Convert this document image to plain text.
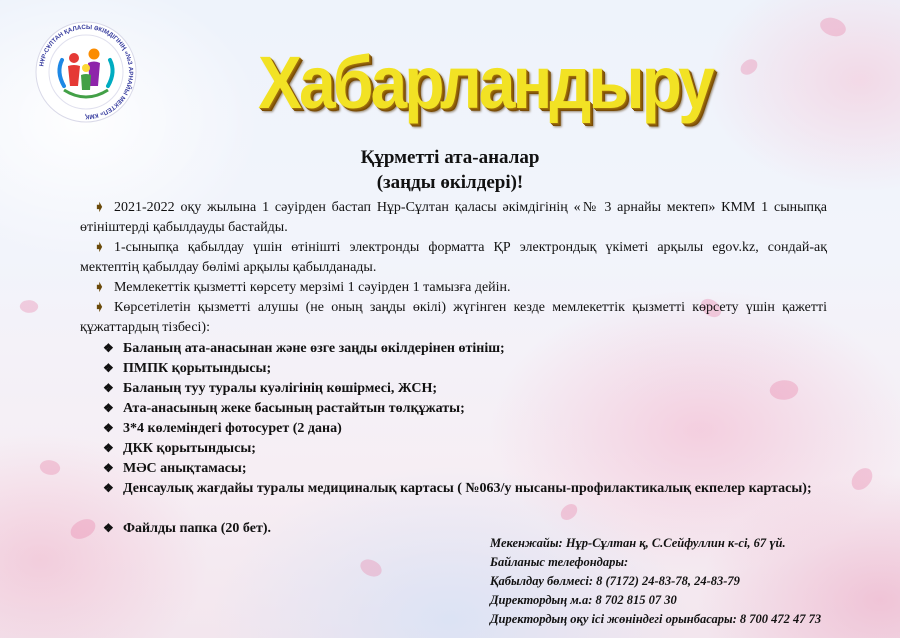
НҰР-СҰЛТАН ҚАЛАСЫ ӘКІМДІГІНІҢ «№3 АРНАЙЫ МЕКТЕП» КМҚ	Хабарландыру
Құрметті ата-аналар
(заңды өкілдері)!
➧ 2021-2022 оқу жылына 1 сәуірден бастап Нұр-Сұлтан қаласы әкімдігінің «№ 3 арнайы мектеп» КММ 1 сыныпқа өтініштерді қабылдауды бастайды.
➧ 1-сыныпқа қабылдау үшін өтінішті электронды форматта ҚР электрондық үкіметі арқылы egov.kz, сондай-ақ мектептің қабылдау бөлімі арқылы қабылданады.
➧ Мемлекеттік қызметті көрсету мерзімі 1 сәуірден 1 тамызға дейін.
➧ Көрсетілетін қызметті алушы (не оның заңды өкілі) жүгінген кезде мемлекеттік қызметті көрсету үшін қажетті құжаттардың тізбесі):
❖ Баланың ата-анасынан және өзге заңды өкілдерінен өтініш;
❖ ПМПК қорытындысы;
❖ Баланың туу туралы куәлігінің көшірмесі, ЖСН;
❖ Ата-анасының жеке басының растайтын төлқұжаты;
❖ 3*4 көлеміндегі фотосурет (2 дана)
❖ ДКК қорытындысы;
❖ МӘС анықтамасы;
❖ Денсаулық жағдайы туралы медициналық картасы ( №063/у нысаны-профилактикалық екпелер картасы);
❖ Файлды папка (20 бет).
Мекенжайы: Нұр-Сұлтан қ, С.Сейфуллин к-сі, 67 үй.
Байланыс телефондары:
Қабылдау бөлмесі: 8 (7172) 24-83-78, 24-83-79
Директордың м.а: 8 702 815 07 30
Директордың оқу ісі жөніндегі орынбасары: 8 700 472 47 73
